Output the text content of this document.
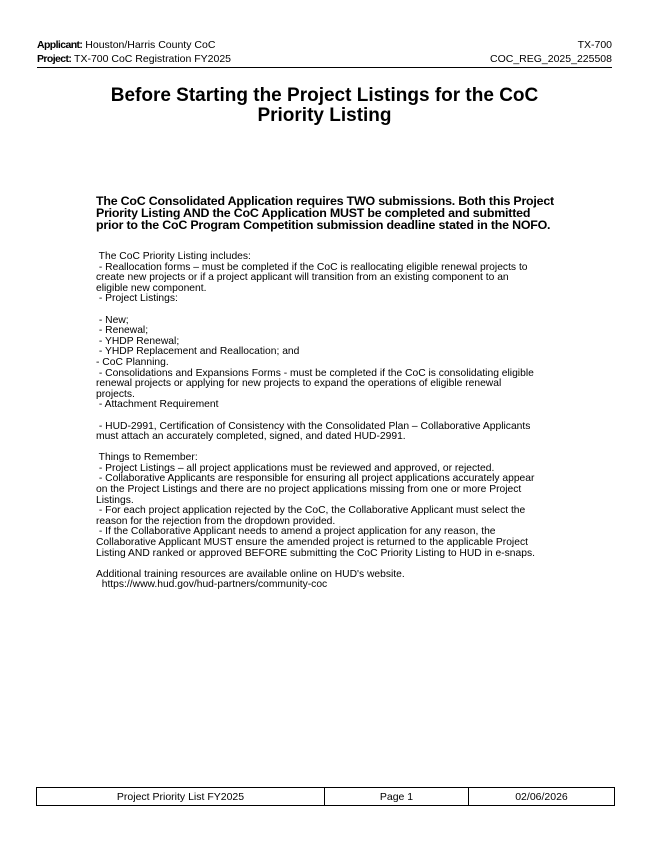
Applicant: Houston/Harris County CoC	TX-700
Project: TX-700 CoC Registration FY2025	COC_REG_2025_225508
Before Starting the Project Listings for the CoC
Priority Listing
The CoC Consolidated Application requires TWO submissions. Both this Project
Priority Listing AND the CoC Application MUST be completed and submitted
prior to the CoC Program Competition submission deadline stated in the NOFO.

The CoC Priority Listing includes:

- Reallocation forms – must be completed if the CoC is reallocating eligible renewal projects to

create new projects or if a project applicant will transition from an existing component to an

eligible new component.

- Project Listings:

- New;

- Renewal;

- YHDP Renewal;

- YHDP Replacement and Reallocation; and

- CoC Planning.

- Consolidations and Expansions Forms - must be completed if the CoC is consolidating eligible

renewal projects or applying for new projects to expand the operations of eligible renewal

projects.

- Attachment Requirement

- HUD-2991, Certification of Consistency with the Consolidated Plan – Collaborative Applicants

must attach an accurately completed, signed, and dated HUD-2991.

Things to Remember:

- Project Listings – all project applications must be reviewed and approved, or rejected.

- Collaborative Applicants are responsible for ensuring all project applications accurately appear

on the Project Listings and there are no project applications missing from one or more Project

Listings.

- For each project application rejected by the CoC, the Collaborative Applicant must select the

reason for the rejection from the dropdown provided.

- If the Collaborative Applicant needs to amend a project application for any reason, the

Collaborative Applicant MUST ensure the amended project is returned to the applicable Project

Listing AND ranked or approved BEFORE submitting the CoC Priority Listing to HUD in e-snaps.

Additional training resources are available online on HUD's website.

https://www.hud.gov/hud-partners/community-coc

Project Priority List FY2025	Page 1	02/06/2026
